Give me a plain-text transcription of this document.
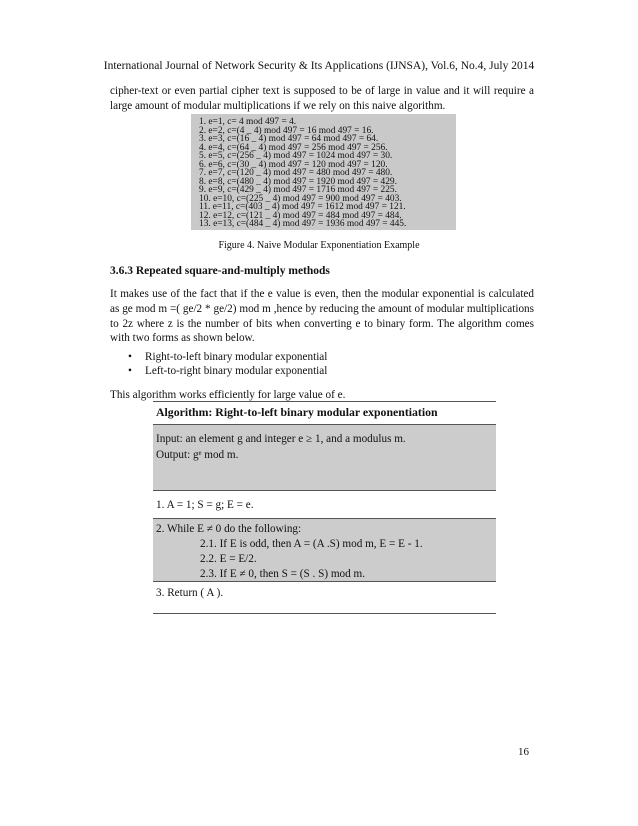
International Journal of Network Security & Its Applications (IJNSA), Vol.6, No.4, July 2014
cipher-text or even partial cipher text is supposed to be of large in value and it will require a large amount of modular multiplications if we rely on this naive algorithm.
1. e=1, c= 4 mod 497 = 4.
2. e=2, c=(4 _ 4) mod 497 = 16 mod 497 = 16.
3. e=3, c=(16 _ 4) mod 497 = 64 mod 497 = 64.
4. e=4, c=(64 _ 4) mod 497 = 256 mod 497 = 256.
5. e=5, c=(256 _ 4) mod 497 = 1024 mod 497 = 30.
6. e=6, c=(30 _ 4) mod 497 = 120 mod 497 = 120.
7. e=7, c=(120 _ 4) mod 497 = 480 mod 497 = 480.
8. e=8, c=(480 _ 4) mod 497 = 1920 mod 497 = 429.
9. e=9, c=(429 _ 4) mod 497 = 1716 mod 497 = 225.
10. e=10, c=(225 _ 4) mod 497 = 900 mod 497 = 403.
11. e=11, c=(403 _ 4) mod 497 = 1612 mod 497 = 121.
12. e=12, c=(121 _ 4) mod 497 = 484 mod 497 = 484.
13. e=13, c=(484 _ 4) mod 497 = 1936 mod 497 = 445.
Figure 4. Naive Modular Exponentiation Example
3.6.3 Repeated square-and-multiply methods
It makes use of the fact that if the e value is even, then the modular exponential is calculated as ge mod m =( ge/2 * ge/2) mod m ,hence by reducing the amount of modular multiplications to 2z where z is the number of bits when converting e to binary form. The algorithm comes with two forms as shown below.
•	Right-to-left binary modular exponential
•	Left-to-right binary modular exponential
This algorithm works efficiently for large value of e.
Algorithm: Right-to-left binary modular exponentiation
Input: an element g and integer e ≥ 1, and a modulus m.
Output: gᵉ mod m.
1. A = 1; S = g; E = e.
2. While E ≠ 0 do the following:
2.1. If E is odd, then A = (A .S) mod m, E = E - 1.
2.2. E = E/2.
2.3. If E ≠ 0, then S = (S . S) mod m.
3. Return ( A ).
16
